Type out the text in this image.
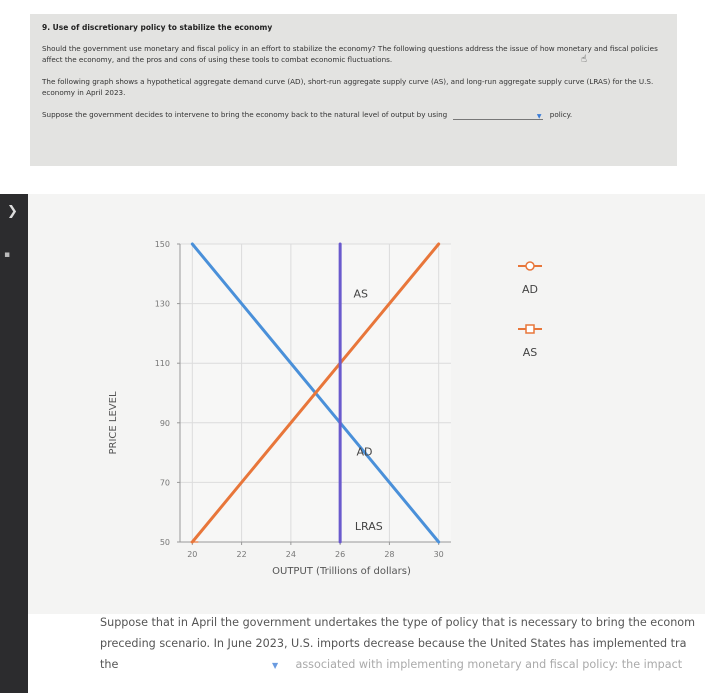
9. Use of discretionary policy to stabilize the economy
Should the government use monetary and fiscal policy in an effort to stabilize the economy? The following questions address the issue of how monetary and fiscal policies affect the economy, and the pros and cons of using these tools to combat economic fluctuations.
The following graph shows a hypothetical aggregate demand curve (AD), short-run aggregate supply curve (AS), and long-run aggregate supply curve (LRAS) for the U.S. economy in April 2023.
Suppose the government decides to intervene to bring the economy back to the natural level of output by using	▼ policy.
☝
❯
▪
20	22	24	26	28	30
50
70
90
110
130
150
OUTPUT (Trillions of dollars)
PRICE LEVEL
AS
AD
LRAS
AD
AS
Suppose that in April the government undertakes the type of policy that is necessary to bring the econom
preceding scenario. In June 2023, U.S. imports decrease because the United States has implemented tra
the	▼ associated with implementing monetary and fiscal policy: the impact
